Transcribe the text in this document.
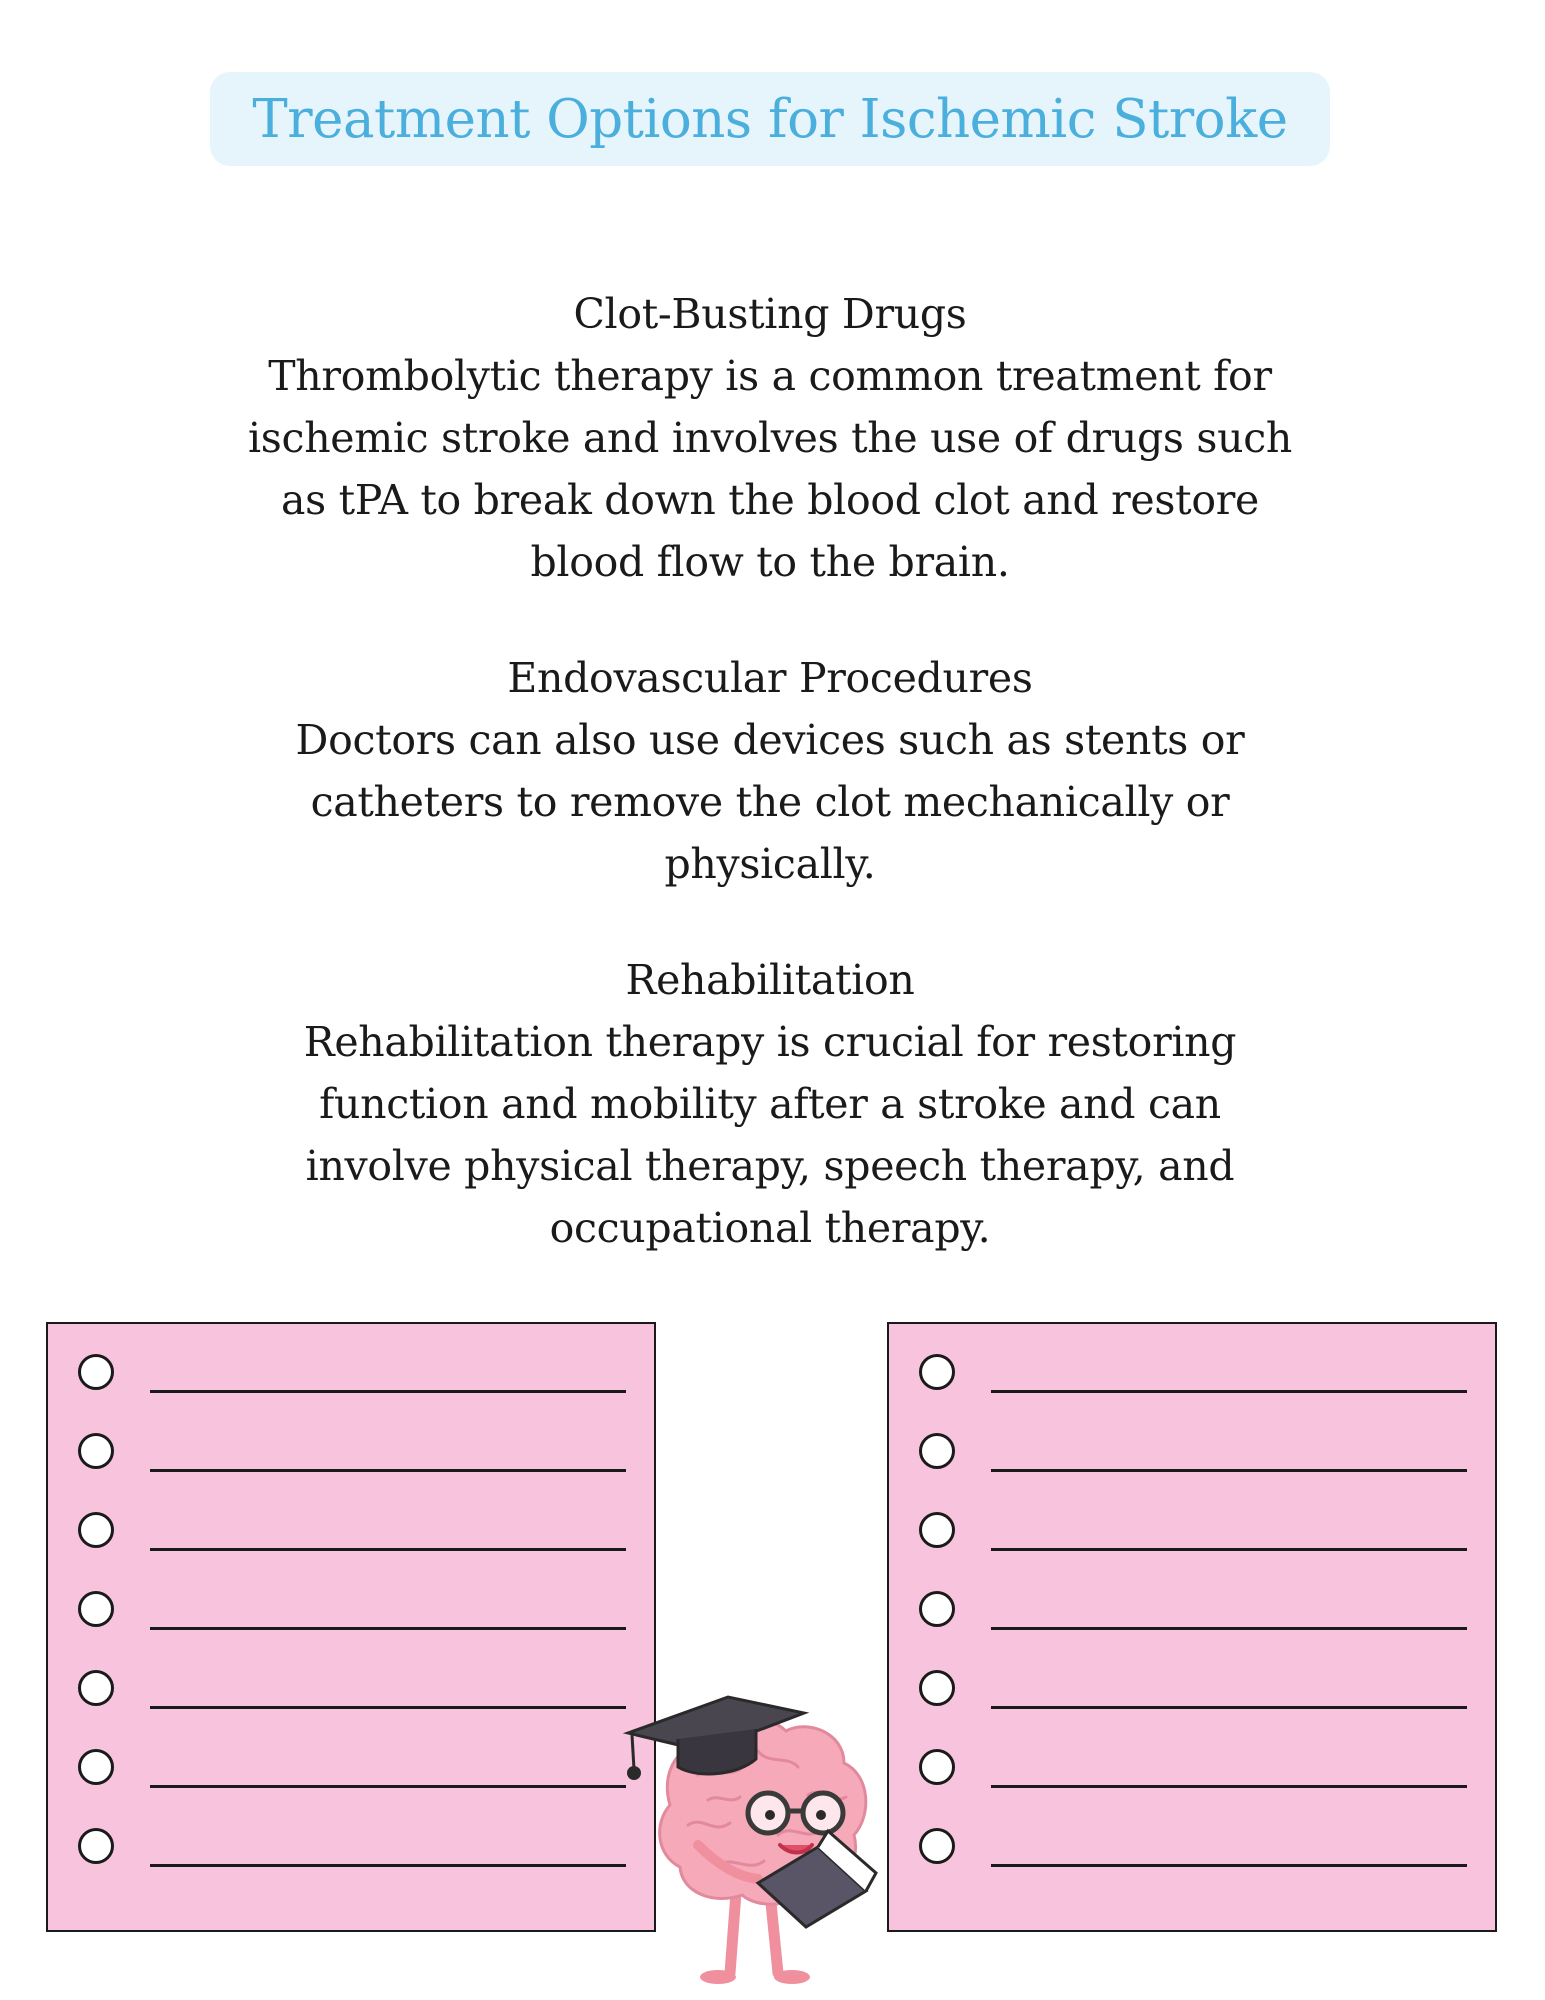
Treatment Options for Ischemic Stroke
Clot-Busting Drugs
Thrombolytic therapy is a common treatment for ischemic stroke and involves the use of drugs such as tPA to break down the blood clot and restore blood flow to the brain.
Endovascular Procedures
Doctors can also use devices such as stents or catheters to remove the clot mechanically or physically.
Rehabilitation
Rehabilitation therapy is crucial for restoring function and mobility after a stroke and can involve physical therapy, speech therapy, and occupational therapy.
